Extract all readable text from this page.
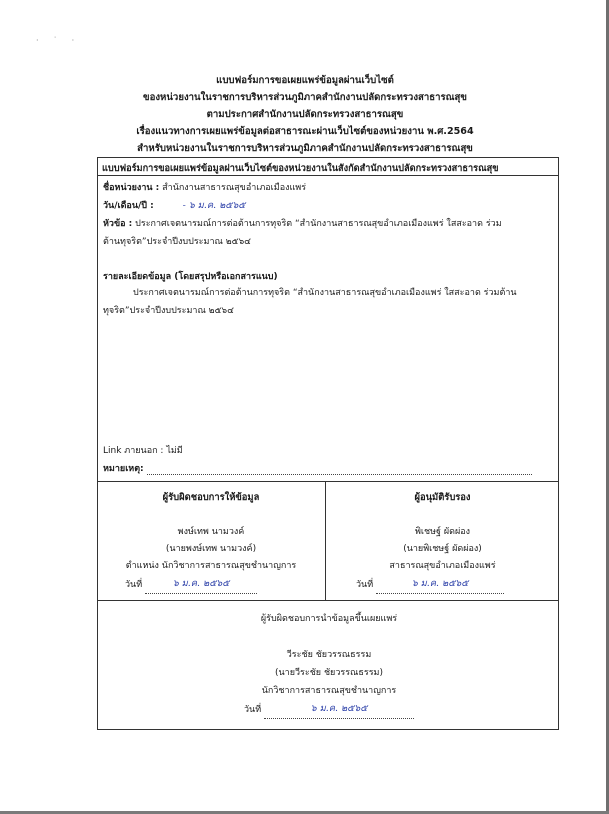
· ˙ ·
แบบฟอร์มการขอเผยแพร่ข้อมูลผ่านเว็บไซต์
ของหน่วยงานในราชการบริหารส่วนภูมิภาคสำนักงานปลัดกระทรวงสาธารณสุข
ตามประกาศสำนักงานปลัดกระทรวงสาธารณสุข
เรื่องแนวทางการเผยแพร่ข้อมูลต่อสาธารณะผ่านเว็บไซต์ของหน่วยงาน พ.ศ.2564
สำหรับหน่วยงานในราชการบริหารส่วนภูมิภาคสำนักงานปลัดกระทรวงสาธารณสุข
แบบฟอร์มการขอเผยแพร่ข้อมูลผ่านเว็บไซต์ของหน่วยงานในสังกัดสำนักงานปลัดกระทรวงสาธารณสุข
ชื่อหน่วยงาน : สำนักงานสาธารณสุขอำเภอเมืองแพร่
วัน/เดือน/ปี :	- ๖ ม.ค. ๒๕๖๕
หัวข้อ : ประกาศเจตนารมณ์การต่อต้านการทุจริต “สำนักงานสาธารณสุขอำเภอเมืองแพร่ ใสสะอาด ร่วม
ต้านทุจริต”ประจำปีงบประมาณ ๒๕๖๔
รายละเอียดข้อมูล (โดยสรุปหรือเอกสารแนบ)
ประกาศเจตนารมณ์การต่อต้านการทุจริต “สำนักงานสาธารณสุขอำเภอเมืองแพร่ ใสสะอาด ร่วมต้าน
ทุจริต”ประจำปีงบประมาณ ๒๕๖๔
Link ภายนอก : ไม่มี
หมายเหตุ:
ผู้รับผิดชอบการให้ข้อมูล
พงษ์เทพ นามวงค์
(นายพงษ์เทพ นามวงค์)
ตำแหน่ง นักวิชาการสาธารณสุขชำนาญการ
วันที่	๖ ม.ค. ๒๕๖๕
ผู้อนุมัติรับรอง
พิเชษฐ์ ผัดผ่อง
(นายพิเชษฐ์ ผัดผ่อง)
สาธารณสุขอำเภอเมืองแพร่
วันที่	๖ ม.ค. ๒๕๖๕
ผู้รับผิดชอบการนำข้อมูลขึ้นเผยแพร่
วีระชัย ชัยวรรณธรรม
(นายวีระชัย ชัยวรรณธรรม)
นักวิชาการสาธารณสุขชำนาญการ
วันที่	๖ ม.ค. ๒๕๖๕
